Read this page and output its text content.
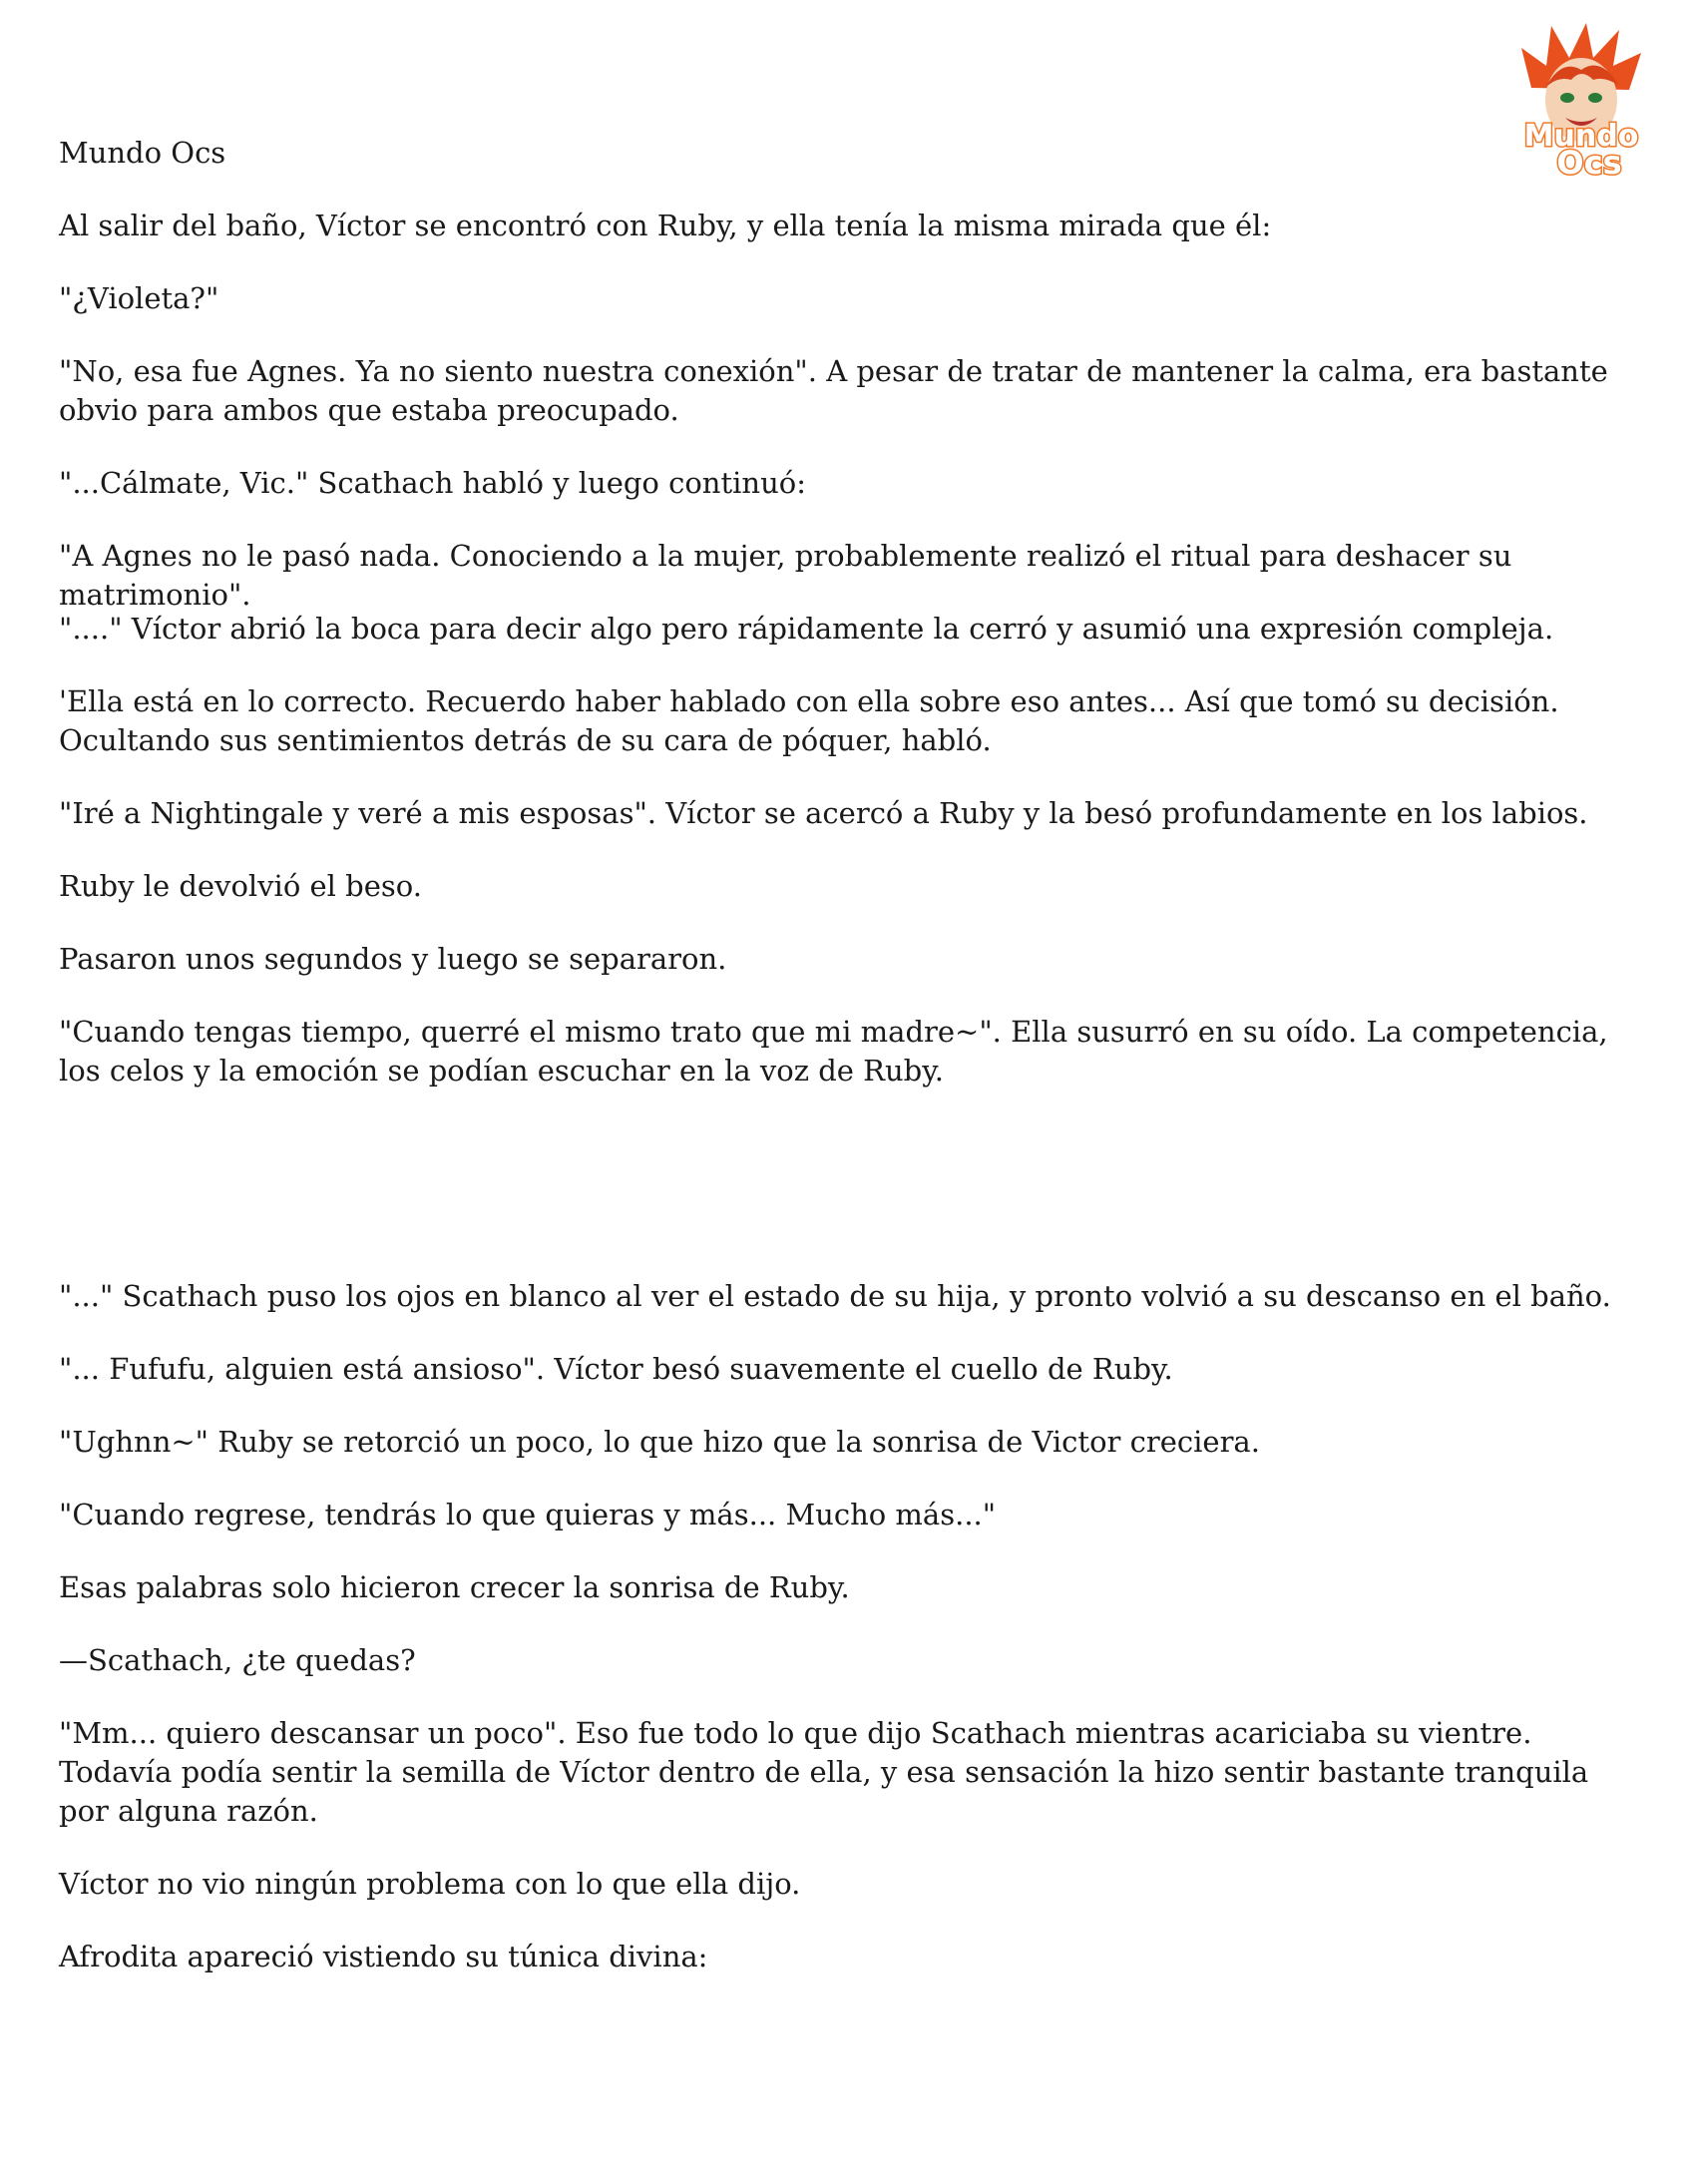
Mundo Ocs

Al salir del baño, Víctor se encontró con Ruby, y ella tenía la misma mirada que él:

"¿Violeta?"

"No, esa fue Agnes. Ya no siento nuestra conexión". A pesar de tratar de mantener la calma, era bastante obvio para ambos que estaba preocupado.

"...Cálmate, Vic." Scathach habló y luego continuó:

"A Agnes no le pasó nada. Conociendo a la mujer, probablemente realizó el ritual para deshacer su matrimonio".

"...." Víctor abrió la boca para decir algo pero rápidamente la cerró y asumió una expresión compleja.

'Ella está en lo correcto. Recuerdo haber hablado con ella sobre eso antes... Así que tomó su decisión. Ocultando sus sentimientos detrás de su cara de póquer, habló.

"Iré a Nightingale y veré a mis esposas". Víctor se acercó a Ruby y la besó profundamente en los labios.

Ruby le devolvió el beso.

Pasaron unos segundos y luego se separaron.

"Cuando tengas tiempo, querré el mismo trato que mi madre~". Ella susurró en su oído. La competencia, los celos y la emoción se podían escuchar en la voz de Ruby.

"..." Scathach puso los ojos en blanco al ver el estado de su hija, y pronto volvió a su descanso en el baño.

"... Fufufu, alguien está ansioso". Víctor besó suavemente el cuello de Ruby.

"Ughnn~" Ruby se retorció un poco, lo que hizo que la sonrisa de Victor creciera.

"Cuando regrese, tendrás lo que quieras y más... Mucho más..."

Esas palabras solo hicieron crecer la sonrisa de Ruby.

—Scathach, ¿te quedas?

"Mm... quiero descansar un poco". Eso fue todo lo que dijo Scathach mientras acariciaba su vientre. Todavía podía sentir la semilla de Víctor dentro de ella, y esa sensación la hizo sentir bastante tranquila por alguna razón.

Víctor no vio ningún problema con lo que ella dijo.

Afrodita apareció vistiendo su túnica divina:

Mundo
Ocs
